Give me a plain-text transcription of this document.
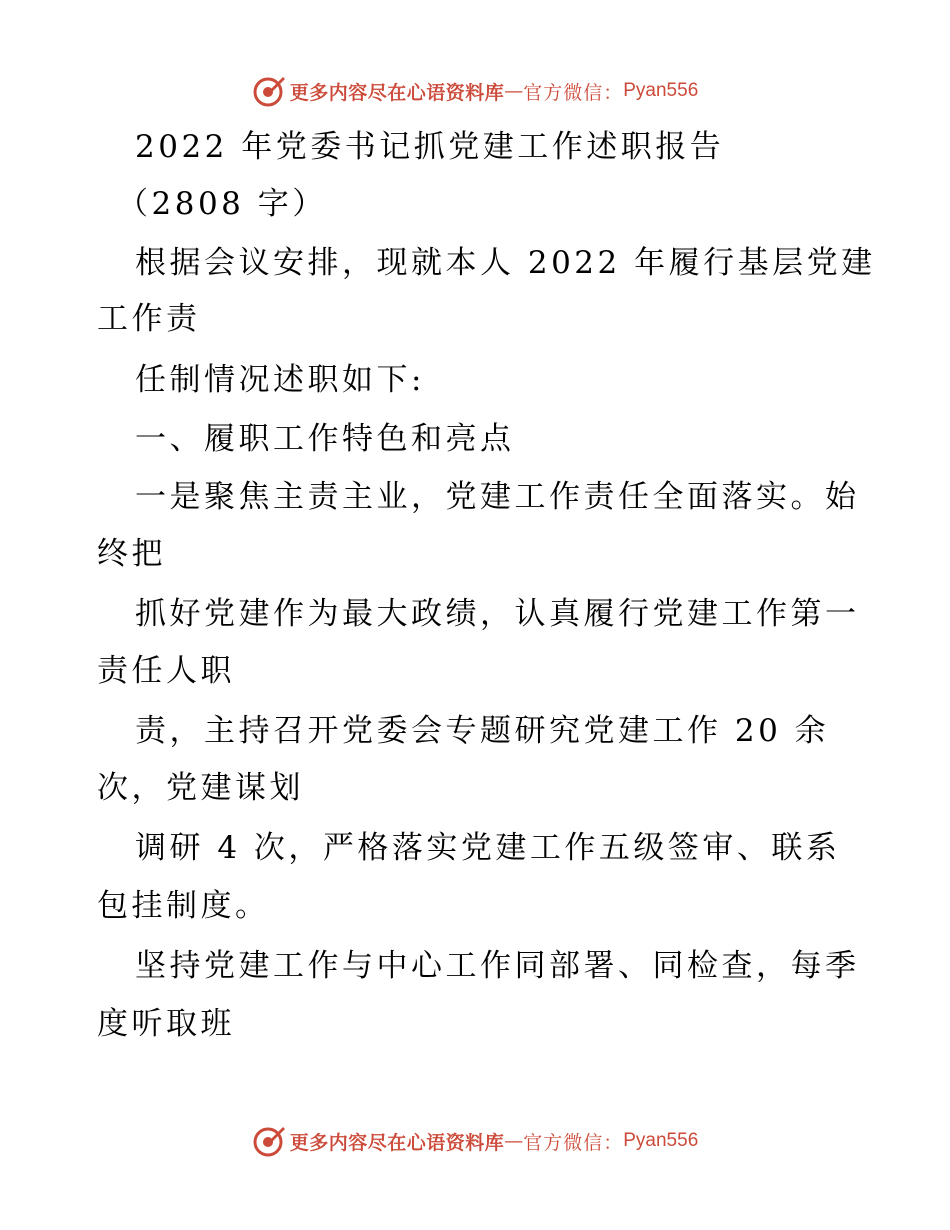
更多内容尽在心语资料库 — 官方微信： Pyan556
2022 年党委书记抓党建工作述职报告
（2808 字）
根据会议安排，现就本人 2022 年履行基层党建
工作责
任制情况述职如下:
一、履职工作特色和亮点
一是聚焦主责主业，党建工作责任全面落实。始
终把
抓好党建作为最大政绩，认真履行党建工作第一
责任人职
责，主持召开党委会专题研究党建工作 20 余
次，党建谋划
调研 4 次，严格落实党建工作五级签审、联系
包挂制度。
坚持党建工作与中心工作同部署、同检查，每季
度听取班
更多内容尽在心语资料库 — 官方微信： Pyan556
